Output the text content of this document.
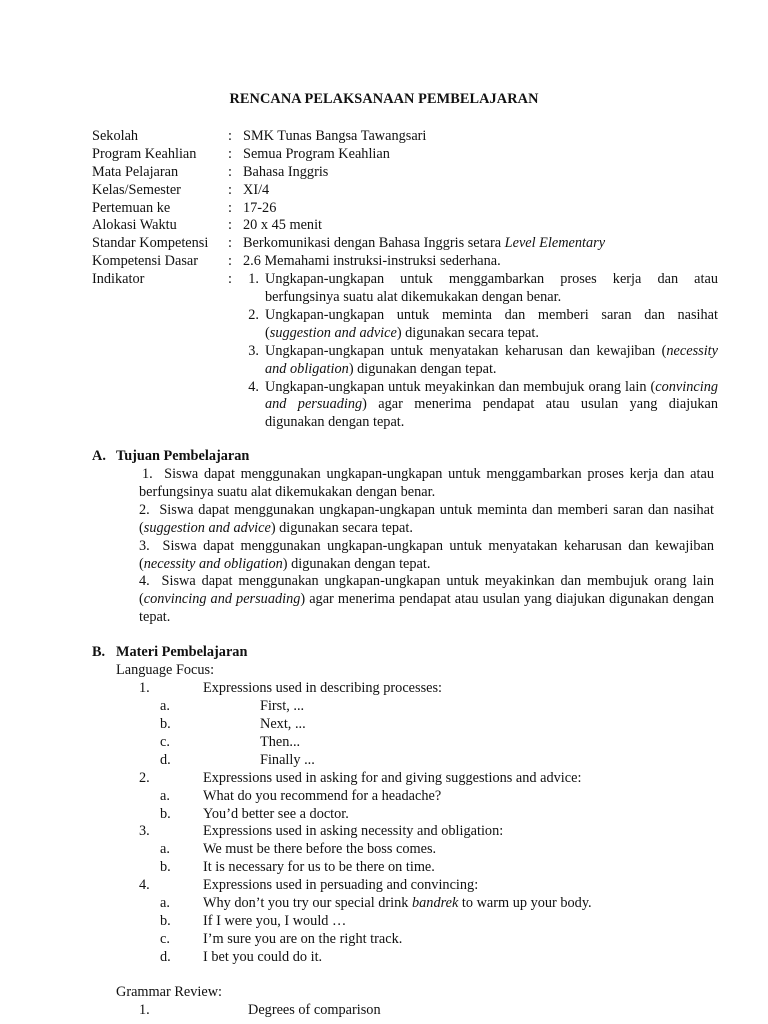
RENCANA PELAKSANAAN PEMBELAJARAN
Sekolah	: SMK Tunas Bangsa Tawangsari
Program Keahlian : Semua Program Keahlian
Mata Pelajaran	: Bahasa Inggris
Kelas/Semester	: XI/4
Pertemuan ke	: 17-26
Alokasi Waktu	: 20 x 45 menit
Standar Kompetensi : Berkomunikasi dengan Bahasa Inggris setara Level Elementary
Kompetensi Dasar : 2.6 Memahami instruksi-instruksi sederhana.
Indikator	:	1. Ungkapan-ungkapan untuk menggambarkan proses kerja dan atau berfungsinya suatu alat dikemukakan dengan benar.
2. Ungkapan-ungkapan untuk meminta dan memberi saran dan nasihat (suggestion and advice) digunakan secara tepat.
3. Ungkapan-ungkapan untuk menyatakan keharusan dan kewajiban (necessity and obligation) digunakan dengan tepat.
4. Ungkapan-ungkapan untuk meyakinkan dan membujuk orang lain (convincing and persuading) agar menerima pendapat atau usulan yang diajukan digunakan dengan tepat.
A. Tujuan Pembelajaran

1. Siswa dapat menggunakan ungkapan-ungkapan untuk menggambarkan proses kerja dan atau berfungsinya suatu alat dikemukakan dengan benar.

2. Siswa dapat menggunakan ungkapan-ungkapan untuk meminta dan memberi saran dan nasihat (suggestion and advice) digunakan secara tepat.

3. Siswa dapat menggunakan ungkapan-ungkapan untuk menyatakan keharusan dan kewajiban (necessity and obligation) digunakan dengan tepat.

4. Siswa dapat menggunakan ungkapan-ungkapan untuk meyakinkan dan membujuk orang lain (convincing and persuading) agar menerima pendapat atau usulan yang diajukan digunakan dengan tepat.

B. Materi Pembelajaran
Language Focus:
1.	Expressions used in describing processes:
a.	First, ...
b.	Next, ...
c.	Then...
d.	Finally ...
2.	Expressions used in asking for and giving suggestions and advice:
a. What do you recommend for a headache?
b. You’d better see a doctor.
3.	Expressions used in asking necessity and obligation:
a. We must be there before the boss comes.
b. It is necessary for us to be there on time.
4.	Expressions used in persuading and convincing:
a. Why don’t you try our special drink bandrek to warm up your body.
b. If I were you, I would …
c. I’m sure you are on the right track.
d. I bet you could do it.
Grammar Review:
1.	Degrees of comparison
